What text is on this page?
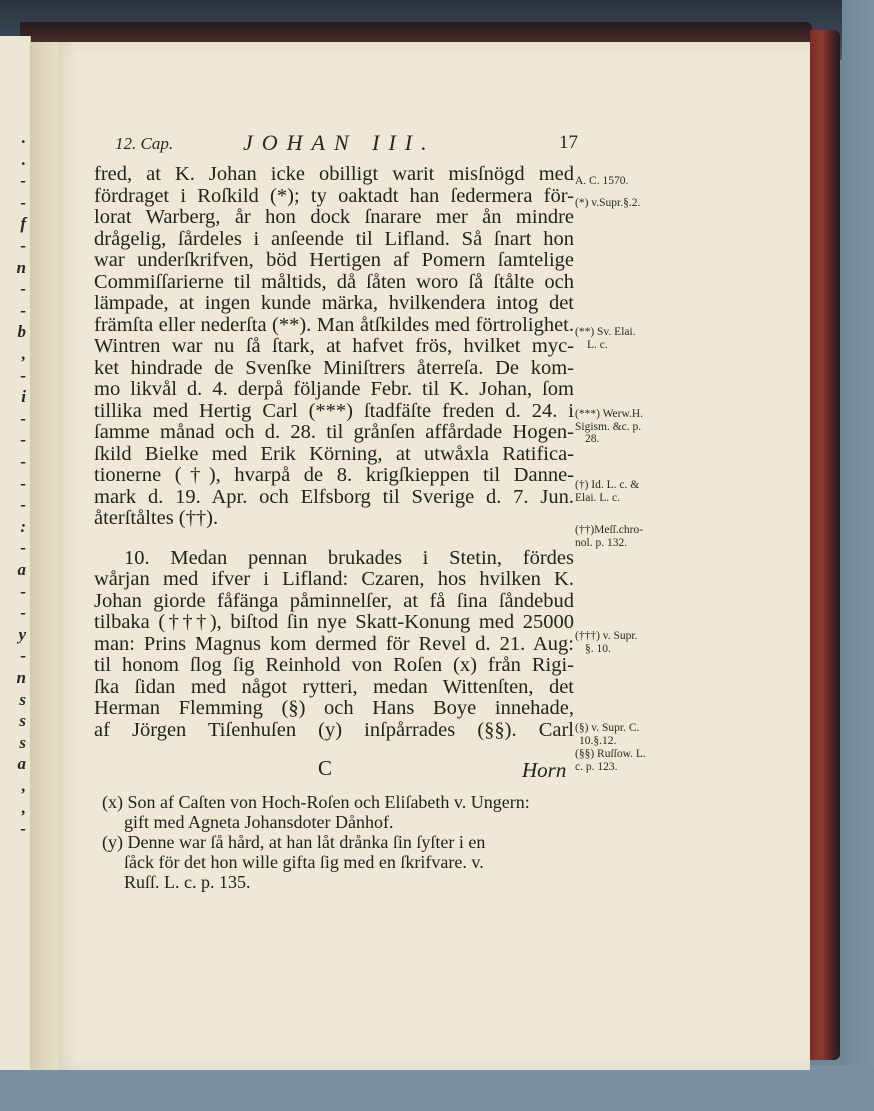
.
.
-
-
f
-
n
-
-
b
,
-
i
-
-
-
-
-
:
-
a
-
-
y
-
n
s
s
s
a
,
,
-
12. Cap.	JOHAN III.	17
fred, at K. Johan icke obilligt warit misſnögd med
fördraget i Roſkild (*); ty oaktadt han ſedermera för-
lorat Warberg, år hon dock ſnarare mer ån mindre
drågelig, ſårdeles i anſeende til Lifland. Så ſnart hon
war underſkrifven, böd Hertigen af Pomern ſamtelige
Commiſſarierne til måltids, då ſåten woro ſå ſtålte och
lämpade, at ingen kunde märka, hvilkendera intog det
främſta eller nederſta (**). Man åtſkildes med förtrolighet.
Wintren war nu ſå ſtark, at hafvet frös, hvilket myc-
ket hindrade de Svenſke Miniſtrers återreſa. De kom-
mo likvål d. 4. derpå följande Febr. til K. Johan, ſom
tillika med Hertig Carl (***) ſtadfäſte freden d. 24. i
ſamme månad och d. 28. til grånſen affårdade Hogen-
ſkild Bielke med Erik Körning, at utwåxla Ratifica-
tionerne (†), hvarpå de 8. krigſkieppen til Danne-
mark d. 19. Apr. och Elfsborg til Sverige d. 7. Jun.
återſtåltes (††).
10. Medan pennan brukades i Stetin, fördes
wårjan med ifver i Lifland: Czaren, hos hvilken K.
Johan giorde fåfänga påminnelſer, at få ſina ſåndebud
tilbaka (†††), biſtod ſin nye Skatt-Konung med 25000
man: Prins Magnus kom dermed för Revel d. 21. Aug:
til honom ſlog ſig Reinhold von Roſen (x) från Rigi-
ſka ſidan med något rytteri, medan Wittenſten, det
Herman Flemming (§) och Hans Boye innehade,
af Jörgen Tiſenhuſen (y) inſpårrades (§§). Carl
C	Horn
(x) Son af Caſten von Hoch-Roſen och Eliſabeth v. Ungern:
gift med Agneta Johansdoter Dånhof.
(y) Denne war ſå hård, at han låt drånka ſin ſyſter i en
ſåck för det hon wille gifta ſig med en ſkrifvare. v.
Ruſſ. L. c. p. 135.
A. C. 1570.
(*) v.Supr.§.2.
(**) Sv. Elai.
L. c.
(***) Werw.H.
Sigism. &c. p.
28.
(†) Id. L. c. &
Elai. L. c.
(††)Meſſ.chro-
nol. p. 132.
(†††) v. Supr.
§. 10.
(§) v. Supr. C.
10.§.12.
(§§) Ruſſow. L.
c. p. 123.
